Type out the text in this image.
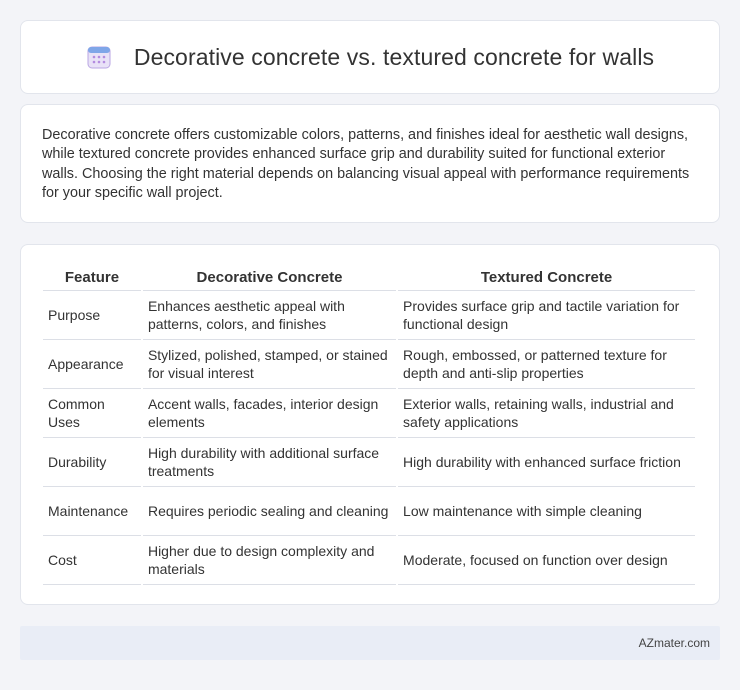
Decorative concrete vs. textured concrete for walls

Decorative concrete offers customizable colors, patterns, and finishes ideal for aesthetic wall designs, while textured concrete provides enhanced surface grip and durability suited for functional exterior walls. Choosing the right material depends on balancing visual appeal with performance requirements for your specific wall project.

Feature	Decorative Concrete	Textured Concrete
Purpose	Enhances aesthetic appeal with patterns, colors, and finishes	Provides surface grip and tactile variation for functional design
Appearance	Stylized, polished, stamped, or stained for visual interest	Rough, embossed, or patterned texture for depth and anti-slip properties
Common Uses	Accent walls, facades, interior design elements	Exterior walls, retaining walls, industrial and safety applications
Durability	High durability with additional surface treatments	High durability with enhanced surface friction
Maintenance	Requires periodic sealing and cleaning	Low maintenance with simple cleaning
Cost	Higher due to design complexity and materials	Moderate, focused on function over design
AZmater.com
